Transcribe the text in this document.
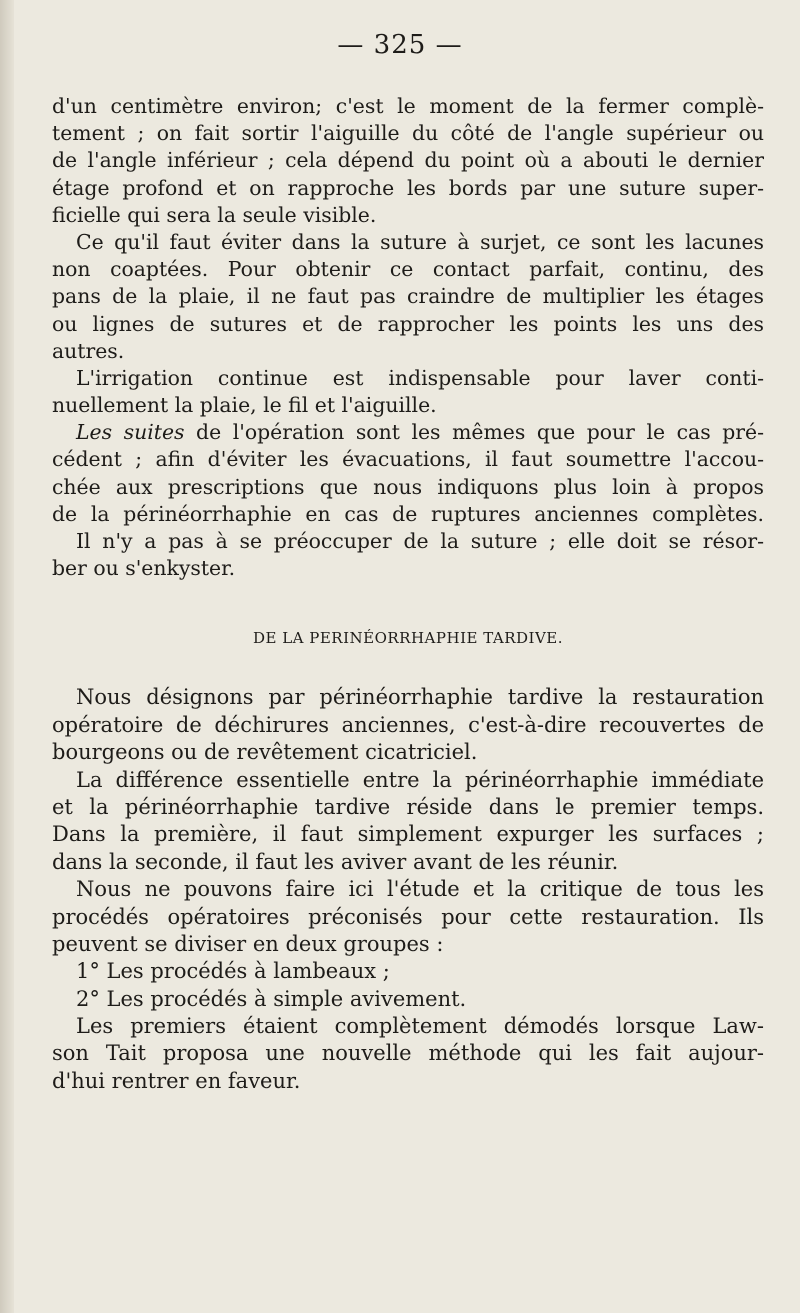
— 325 —
d'un centimètre environ; c'est le moment de la fermer complè-
tement ; on fait sortir l'aiguille du côté de l'angle supérieur ou
de l'angle inférieur ; cela dépend du point où a abouti le dernier
étage profond et on rapproche les bords par une suture super-
ficielle qui sera la seule visible.
Ce qu'il faut éviter dans la suture à surjet, ce sont les lacunes
non coaptées. Pour obtenir ce contact parfait, continu, des
pans de la plaie, il ne faut pas craindre de multiplier les étages
ou lignes de sutures et de rapprocher les points les uns des
autres.
L'irrigation continue est indispensable pour laver conti-
nuellement la plaie, le fil et l'aiguille.
Les suites de l'opération sont les mêmes que pour le cas pré-
cédent ; afin d'éviter les évacuations, il faut soumettre l'accou-
chée aux prescriptions que nous indiquons plus loin à propos
de la périnéorrhaphie en cas de ruptures anciennes complètes.
Il n'y a pas à se préoccuper de la suture ; elle doit se résor-
ber ou s'enkyster.
DE LA PERINÉORRHAPHIE TARDIVE.
Nous désignons par périnéorrhaphie tardive la restauration
opératoire de déchirures anciennes, c'est-à-dire recouvertes de
bourgeons ou de revêtement cicatriciel.
La différence essentielle entre la périnéorrhaphie immédiate
et la périnéorrhaphie tardive réside dans le premier temps.
Dans la première, il faut simplement expurger les surfaces ;
dans la seconde, il faut les aviver avant de les réunir.
Nous ne pouvons faire ici l'étude et la critique de tous les
procédés opératoires préconisés pour cette restauration. Ils
peuvent se diviser en deux groupes :
1° Les procédés à lambeaux ;
2° Les procédés à simple avivement.
Les premiers étaient complètement démodés lorsque Law-
son Tait proposa une nouvelle méthode qui les fait aujour-
d'hui rentrer en faveur.
